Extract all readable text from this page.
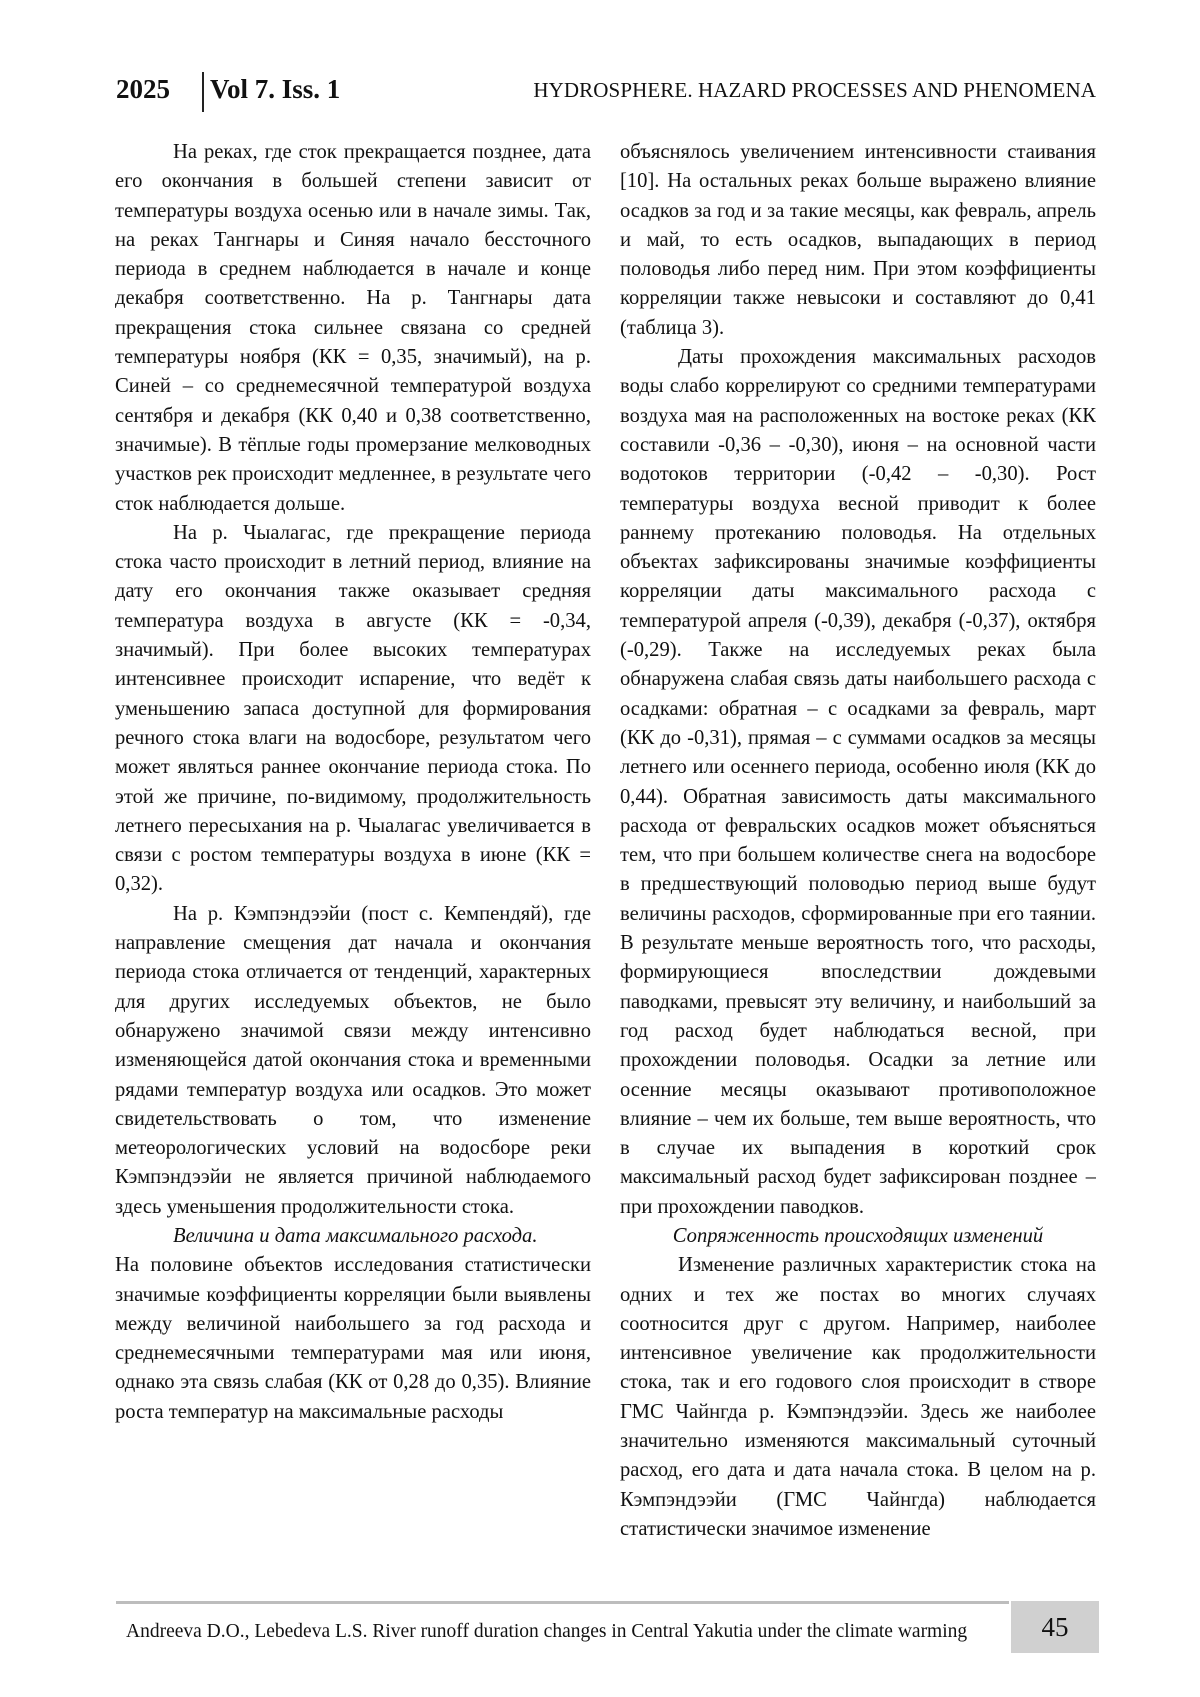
2025 Vol 7. Iss. 1	HYDROSPHERE. HAZARD PROCESSES AND PHENOMENA

На реках, где сток прекращается позднее, дата его окончания в большей степени зависит от температуры воздуха осенью или в начале зимы. Так, на реках Тангнары и Синяя начало бессточного периода в среднем наблюдается в начале и конце декабря соответственно. На р. Тангнары дата прекращения стока сильнее связана со средней температуры ноября (КК = 0,35, значимый), на р. Синей – со среднемесячной температурой воздуха сентября и декабря (КК 0,40 и 0,38 соответственно, значимые). В тёплые годы промерзание мелководных участков рек происходит медленнее, в результате чего сток наблюдается дольше.

На р. Чыалагас, где прекращение периода стока часто происходит в летний период, влияние на дату его окончания также оказывает средняя температура воздуха в августе (КК = -0,34, значимый). При более высоких температурах интенсивнее происходит испарение, что ведёт к уменьшению запаса доступной для формирования речного стока влаги на водосборе, результатом чего может являться раннее окончание периода стока. По этой же причине, по-видимому, продолжительность летнего пересыхания на р. Чыалагас увеличивается в связи с ростом температуры воздуха в июне (КК = 0,32).

На р. Кэмпэндээйи (пост с. Кемпендяй), где направление смещения дат начала и окончания периода стока отличается от тенденций, характерных для других исследуемых объектов, не было обнаружено значимой связи между интенсивно изменяющейся датой окончания стока и временными рядами температур воздуха или осадков. Это может свидетельствовать о том, что изменение метеорологических условий на водосборе реки Кэмпэндээйи не является причиной наблюдаемого здесь уменьшения продолжительности стока.

Величина и дата максимального расхода.
На половине объектов исследования статистически значимые коэффициенты корреляции были выявлены между величиной наибольшего за год расхода и среднемесячными температурами мая или июня, однако эта связь слабая (КК от 0,28 до 0,35). Влияние роста температур на максимальные расходы

объяснялось увеличением интенсивности стаивания [10]. На остальных реках больше выражено влияние осадков за год и за такие месяцы, как февраль, апрель и май, то есть осадков, выпадающих в период половодья либо перед ним. При этом коэффициенты корреляции также невысоки и составляют до 0,41 (таблица 3).

Даты прохождения максимальных расходов воды слабо коррелируют со средними температурами воздуха мая на расположенных на востоке реках (КК составили -0,36 – -0,30), июня – на основной части водотоков территории (-0,42 – -0,30). Рост температуры воздуха весной приводит к более раннему протеканию половодья. На отдельных объектах зафиксированы значимые коэффициенты корреляции даты максимального расхода с температурой апреля (-0,39), декабря (-0,37), октября (-0,29). Также на исследуемых реках была обнаружена слабая связь даты наибольшего расхода с осадками: обратная – с осадками за февраль, март (КК до -0,31), прямая – с суммами осадков за месяцы летнего или осеннего периода, особенно июля (КК до 0,44). Обратная зависимость даты максимального расхода от февральских осадков может объясняться тем, что при большем количестве снега на водосборе в предшествующий половодью период выше будут величины расходов, сформированные при его таянии. В результате меньше вероятность того, что расходы, формирующиеся впоследствии дождевыми паводками, превысят эту величину, и наибольший за год расход будет наблюдаться весной, при прохождении половодья. Осадки за летние или осенние месяцы оказывают противоположное влияние – чем их больше, тем выше вероятность, что в случае их выпадения в короткий срок максимальный расход будет зафиксирован позднее – при прохождении паводков.

Сопряженность происходящих изменений

Изменение различных характеристик стока на одних и тех же постах во многих случаях соотносится друг с другом. Например, наиболее интенсивное увеличение как продолжительности стока, так и его годового слоя происходит в створе ГМС Чайнгда р. Кэмпэндээйи. Здесь же наиболее значительно изменяются максимальный суточный расход, его дата и дата начала стока. В целом на р. Кэмпэндээйи (ГМС Чайнгда) наблюдается статистически значимое изменение

Andreeva D.O., Lebedeva L.S. River runoff duration changes in Central Yakutia under the climate warming	45
